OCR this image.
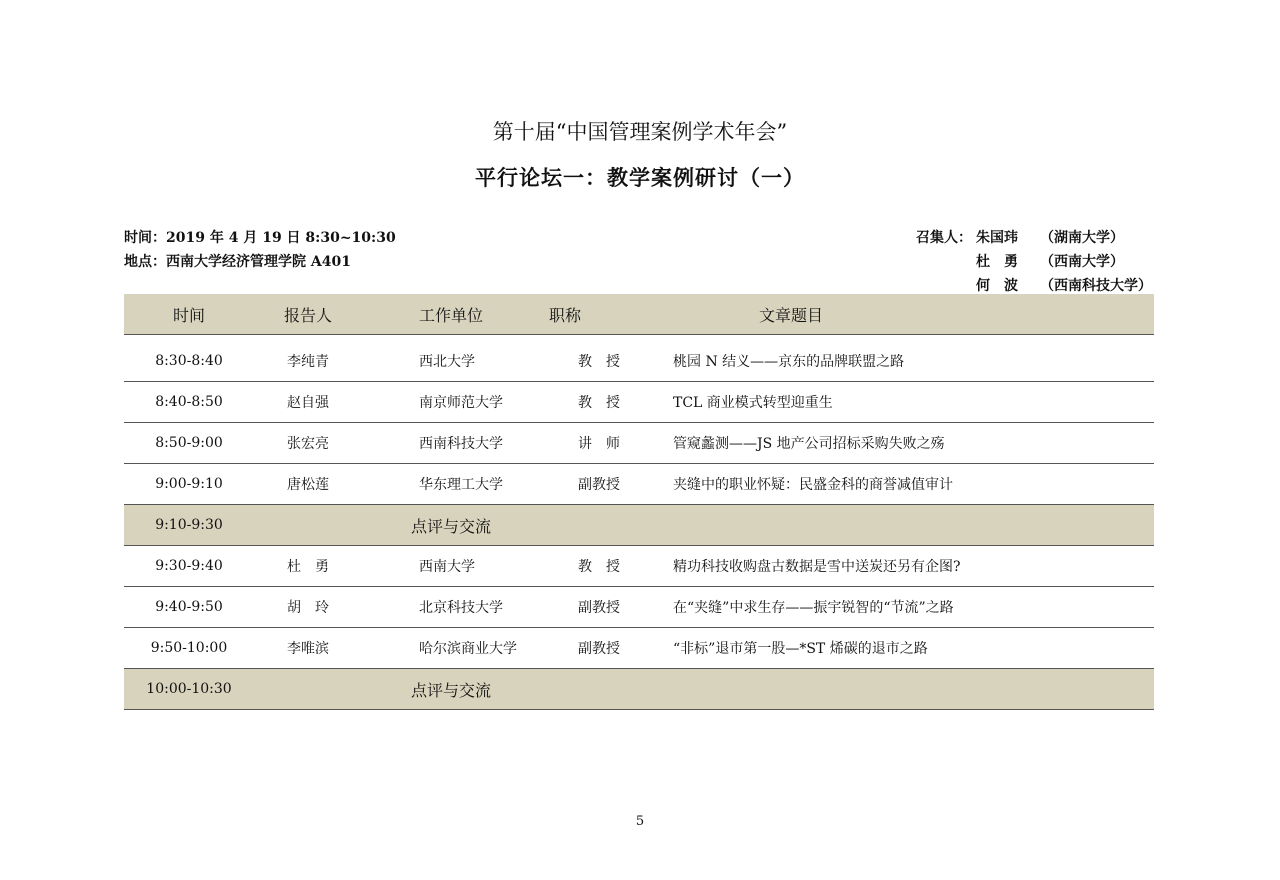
第十届“中国管理案例学术年会”
平行论坛一：教学案例研讨（一）
时间：2019 年 4 月 19 日 8:30~10:30
地点：西南大学经济管理学院 A401
召集人： 朱国玮	（湖南大学）
杜　勇	（西南大学）
何　波	（西南科技大学）
时间	报告人	工作单位	职称	文章题目

8:30-8:40	李纯青	西北大学	教　授	桃园 N 结义——京东的品牌联盟之路
8:40-8:50	赵自强	南京师范大学	教　授	TCL 商业模式转型迎重生
8:50-9:00	张宏亮	西南科技大学	讲　师	管窥蠡测——JS 地产公司招标采购失败之殇
9:00-9:10	唐松莲	华东理工大学	副教授	夹缝中的职业怀疑：民盛金科的商誉减值审计
9:10-9:30	点评与交流			
9:30-9:40	杜　勇	西南大学	教　授	精功科技收购盘古数据是雪中送炭还另有企图?
9:40-9:50	胡　玲	北京科技大学	副教授	在“夹缝”中求生存——振宇锐智的“节流”之路
9:50-10:00	李唯滨	哈尔滨商业大学	副教授	“非标”退市第一股—*ST 烯碳的退市之路
10:00-10:30	点评与交流			
5
